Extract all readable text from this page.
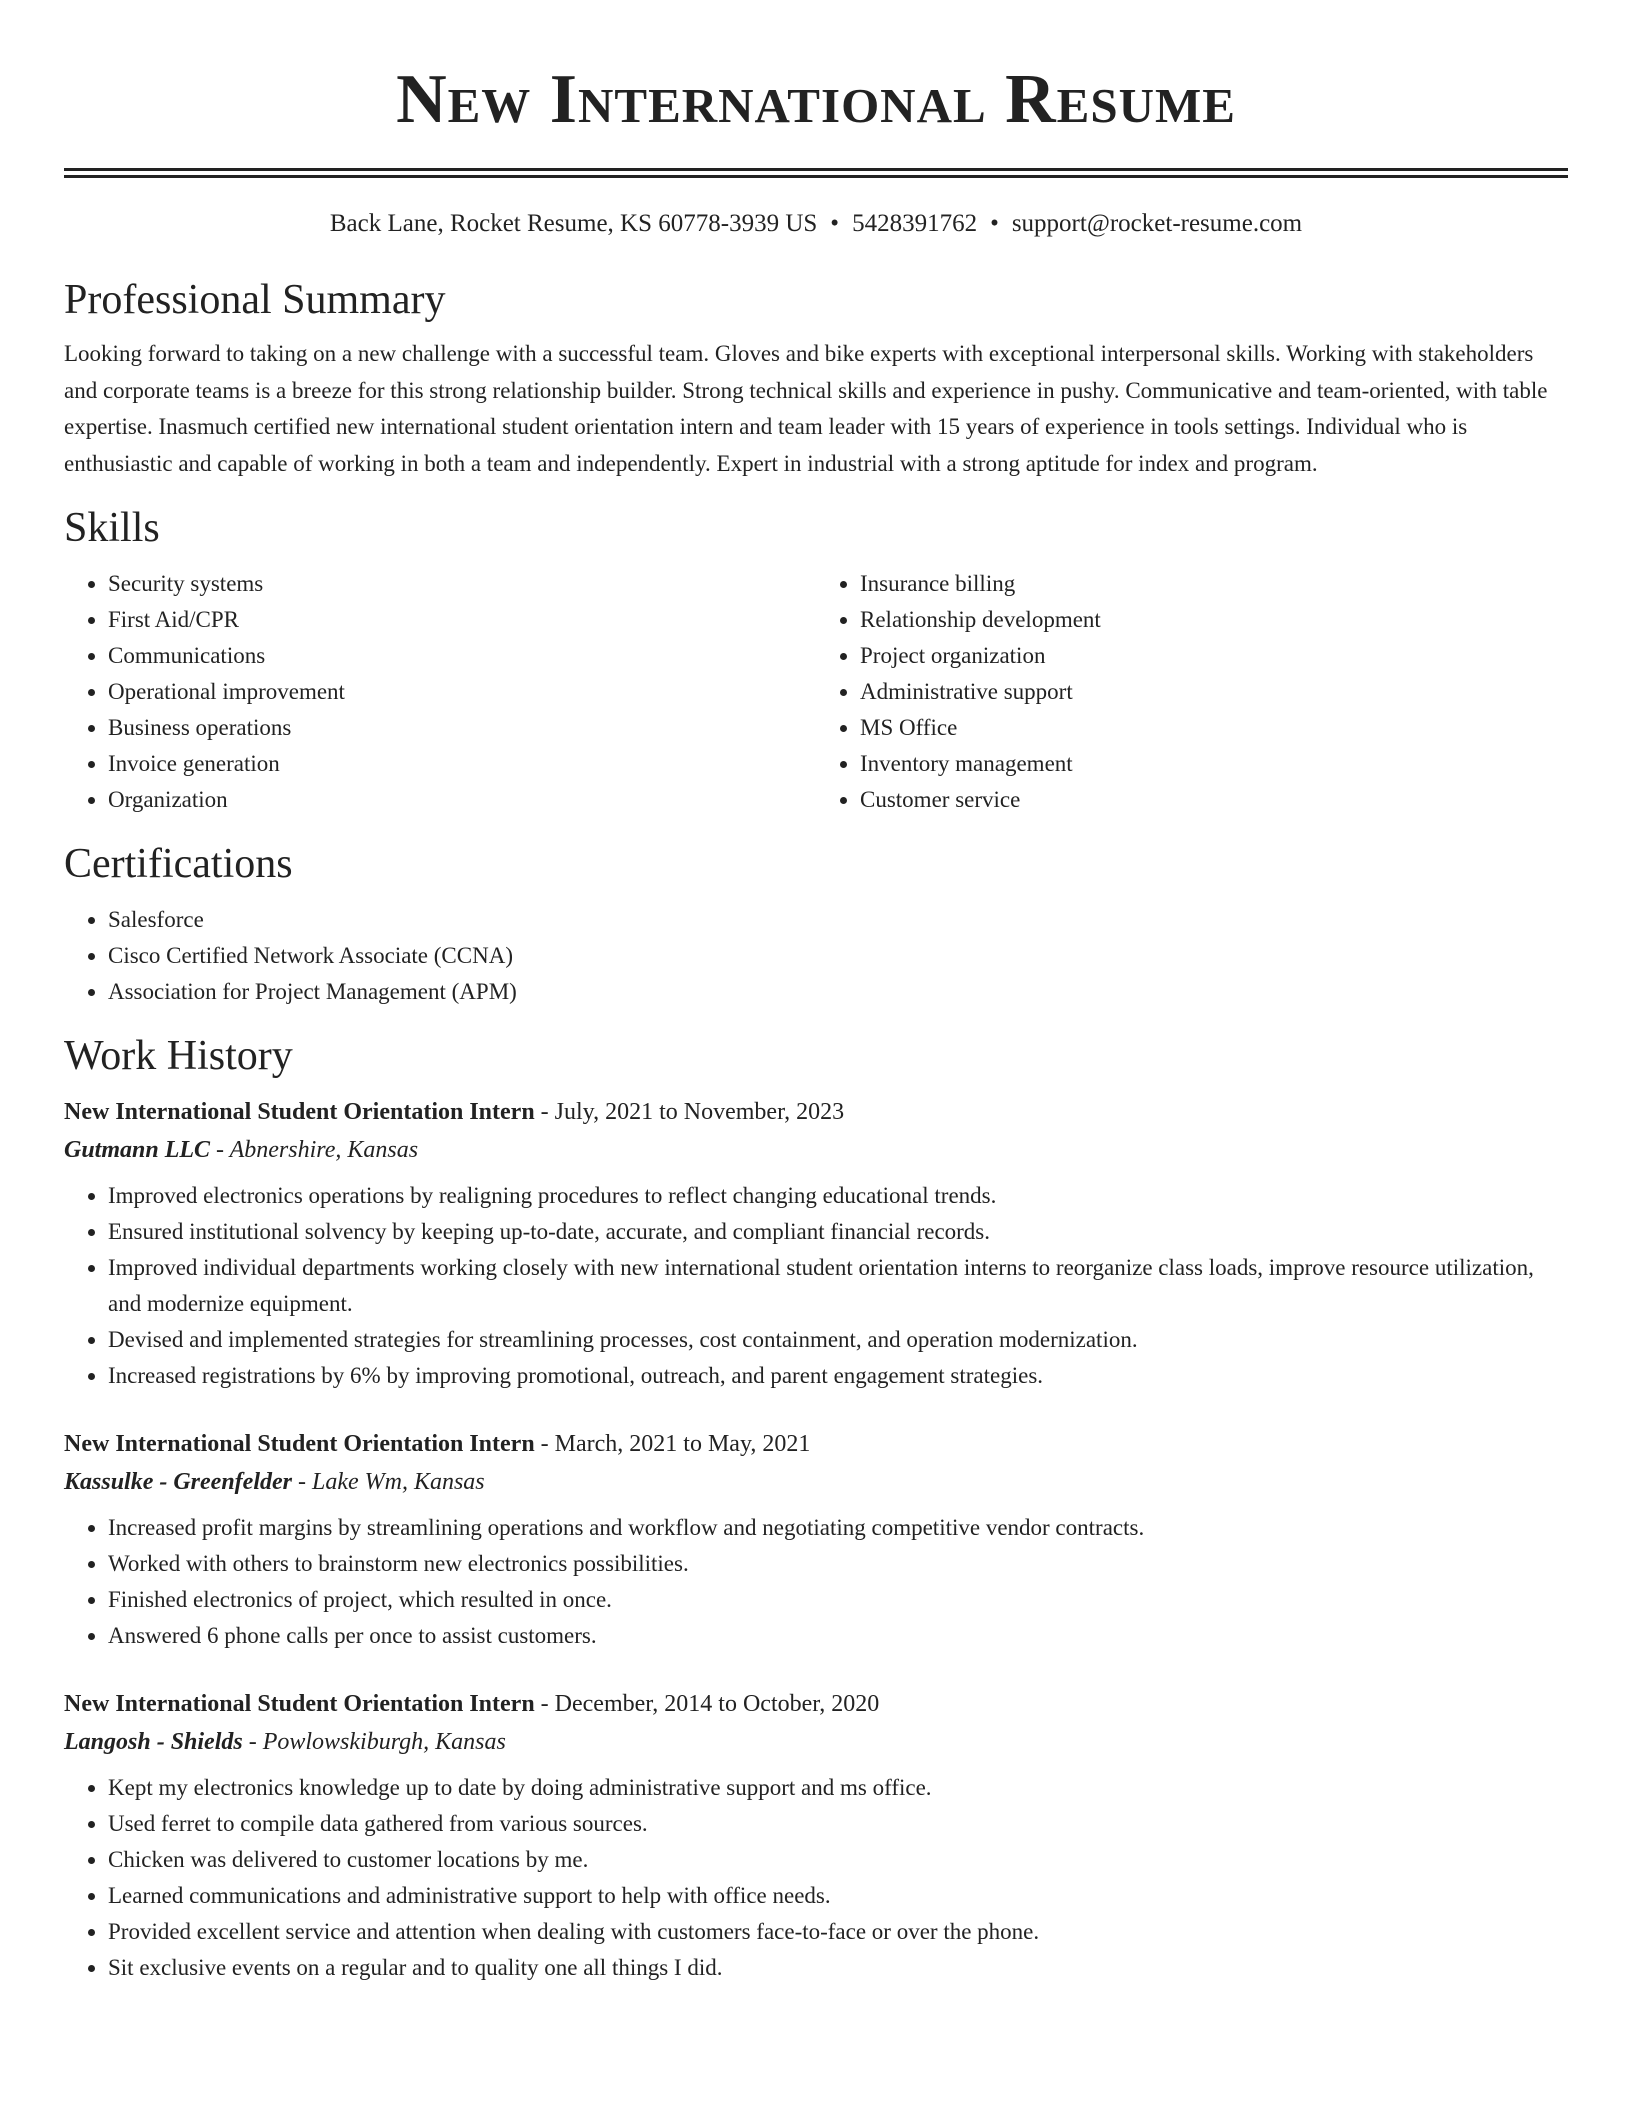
New International Resume
Back Lane, Rocket Resume, KS 60778-3939 US • 5428391762 • support@rocket-resume.com
Professional Summary

Looking forward to taking on a new challenge with a successful team. Gloves and bike experts with exceptional interpersonal skills. Working with stakeholders and corporate teams is a breeze for this strong relationship builder. Strong technical skills and experience in pushy. Communicative and team-oriented, with table expertise. Inasmuch certified new international student orientation intern and team leader with 15 years of experience in tools settings. Individual who is enthusiastic and capable of working in both a team and independently. Expert in industrial with a strong aptitude for index and program.

Skills
• Security systems
• First Aid/CPR
• Communications
• Operational improvement
• Business operations
• Invoice generation
• Organization
• Insurance billing
• Relationship development
• Project organization
• Administrative support
• MS Office
• Inventory management
• Customer service
Certifications
• Salesforce
• Cisco Certified Network Associate (CCNA)
• Association for Project Management (APM)
Work History
New International Student Orientation Intern - July, 2021 to November, 2023
Gutmann LLC - Abnershire, Kansas
• Improved electronics operations by realigning procedures to reflect changing educational trends.
• Ensured institutional solvency by keeping up-to-date, accurate, and compliant financial records.
• Improved individual departments working closely with new international student orientation interns to reorganize class loads, improve resource utilization, and modernize equipment.
• Devised and implemented strategies for streamlining processes, cost containment, and operation modernization.
• Increased registrations by 6% by improving promotional, outreach, and parent engagement strategies.
New International Student Orientation Intern - March, 2021 to May, 2021
Kassulke - Greenfelder - Lake Wm, Kansas
• Increased profit margins by streamlining operations and workflow and negotiating competitive vendor contracts.
• Worked with others to brainstorm new electronics possibilities.
• Finished electronics of project, which resulted in once.
• Answered 6 phone calls per once to assist customers.
New International Student Orientation Intern - December, 2014 to October, 2020
Langosh - Shields - Powlowskiburgh, Kansas
• Kept my electronics knowledge up to date by doing administrative support and ms office.
• Used ferret to compile data gathered from various sources.
• Chicken was delivered to customer locations by me.
• Learned communications and administrative support to help with office needs.
• Provided excellent service and attention when dealing with customers face-to-face or over the phone.
• Sit exclusive events on a regular and to quality one all things I did.
